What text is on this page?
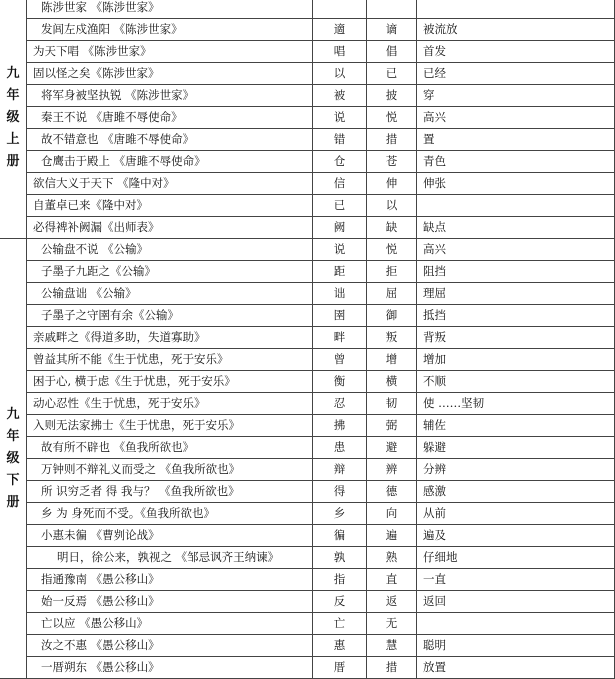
九
年
级
上
册	陈涉世家 《陈涉世家》			
	发闾左戍渔阳 《陈涉世家》	適	谪	被流放
	为天下唱 《陈涉世家》	唱	倡	首发
	固以怪之矣《陈涉世家》	以	已	已经
	将军身被坚执锐 《陈涉世家》	被	披	穿
	秦王不说 《唐雎不辱使命》	说	悦	高兴
	故不错意也 《唐雎不辱使命》	错	措	置
	仓鹰击于殿上 《唐雎不辱使命》	仓	苍	青色
	欲信大义于天下 《隆中对》	信	伸	伸张
	自董卓已来《隆中对》	已	以	
	必得裨补阙漏《出师表》	阙	缺	缺点

九
年
级
下
册	公输盘不说 《公输》	说	悦	高兴
	子墨子九距之《公输》	距	拒	阻挡
	公输盘诎 《公输》	诎	屈	理屈
	子墨子之守圉有余《公输》	圉	御	抵挡
	亲戚畔之《得道多助，失道寡助》	畔	叛	背叛
	曾益其所不能《生于忧患，死于安乐》	曾	增	增加
	困于心, 横于虑《生于忧患，死于安乐》	衡	横	不顺
	动心忍性《生于忧患，死于安乐》	忍	韧	使 ……坚韧
	入则无法家拂士《生于忧患，死于安乐》	拂	弼	辅佐
	故有所不辟也 《鱼我所欲也》	患	避	躲避
	万钟则不辩礼义而受之 《鱼我所欲也》	辩	辨	分辨
	所 识穷乏者 得 我与？ 《鱼我所欲也》	得	德	感激
	乡 为 身死而不受。《鱼我所欲也》	乡	向	从前
	小惠未徧 《曹刿论战》	徧	遍	遍及
	明日，徐公来，孰视之 《邹忌讽齐王纳谏》	孰	熟	仔细地
	指通豫南 《愚公移山》	指	直	一直
	始一反焉 《愚公移山》	反	返	返回
	亡以应 《愚公移山》	亡	无	
	汝之不惠 《愚公移山》	惠	慧	聪明
	一厝朔东 《愚公移山》	厝	措	放置
